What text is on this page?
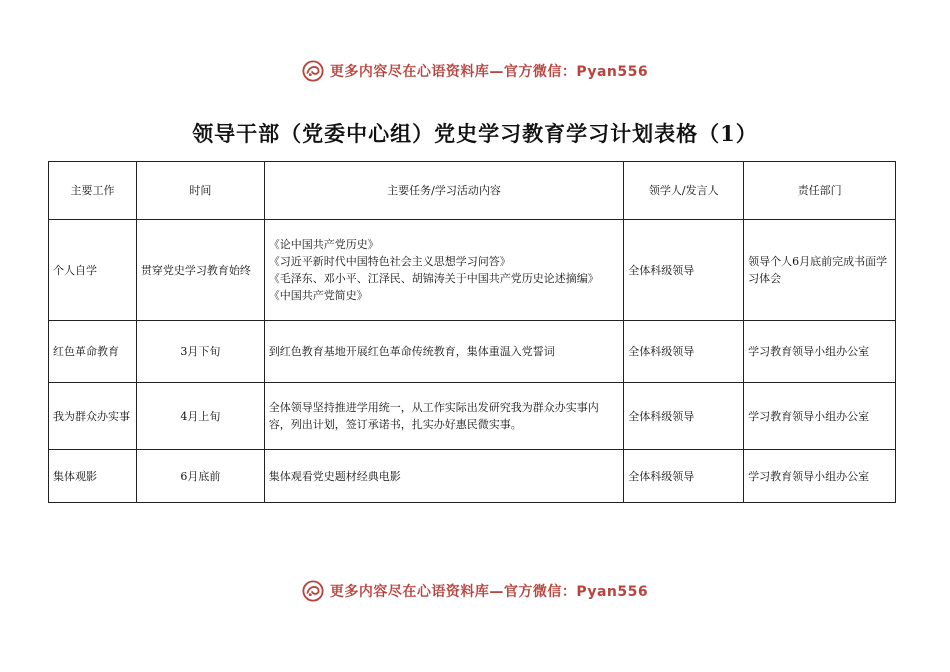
更多内容尽在心语资料库—官方微信：Pyan556
领导干部（党委中心组）党史学习教育学习计划表格（1）
主要工作	时间	主要任务/学习活动内容	领学人/发言人	责任部门
个人自学	贯穿党史学习教育始终	《论中国共产党历史》
《习近平新时代中国特色社会主义思想学习问答》
《毛泽东、邓小平、江泽民、胡锦涛关于中国共产党历史论述摘编》
《中国共产党简史》	全体科级领导	领导个人6月底前完成书面学习体会
红色革命教育	3月下旬	到红色教育基地开展红色革命传统教育，集体重温入党誓词	全体科级领导	学习教育领导小组办公室
我为群众办实事	4月上旬	全体领导坚持推进学用统一，从工作实际出发研究我为群众办实事内容，列出计划，签订承诺书，扎实办好惠民微实事。	全体科级领导	学习教育领导小组办公室
集体观影	6月底前	集体观看党史题材经典电影	全体科级领导	学习教育领导小组办公室
更多内容尽在心语资料库—官方微信：Pyan556
